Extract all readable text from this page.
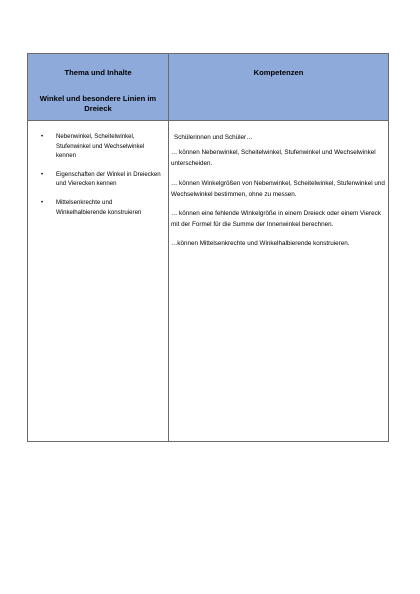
Thema und Inhalte
Winkel und besondere Linien im Dreieck
Kompetenzen
• Nebenwinkel, Scheitelwinkel, Stufenwinkel und Wechselwinkel kennen
• Eigenschaften der Winkel in Dreiecken und Vierecken kennen
• Mittelsenkrechte und Winkelhalbierende konstruieren

Schülerinnen und Schüler…

… können Nebenwinkel, Scheitelwinkel, Stufenwinkel und Wechselwinkel unterscheiden.

… können Winkelgrößen von Nebenwinkel, Scheitelwinkel, Stufenwinkel und Wechselwinkel bestimmen, ohne zu messen.

… können eine fehlende Winkelgröße in einem Dreieck oder einem Viereck mit der Formel für die Summe der Innenwinkel berechnen.

…können Mittelsenkrechte und Winkelhalbierende konstruieren.
